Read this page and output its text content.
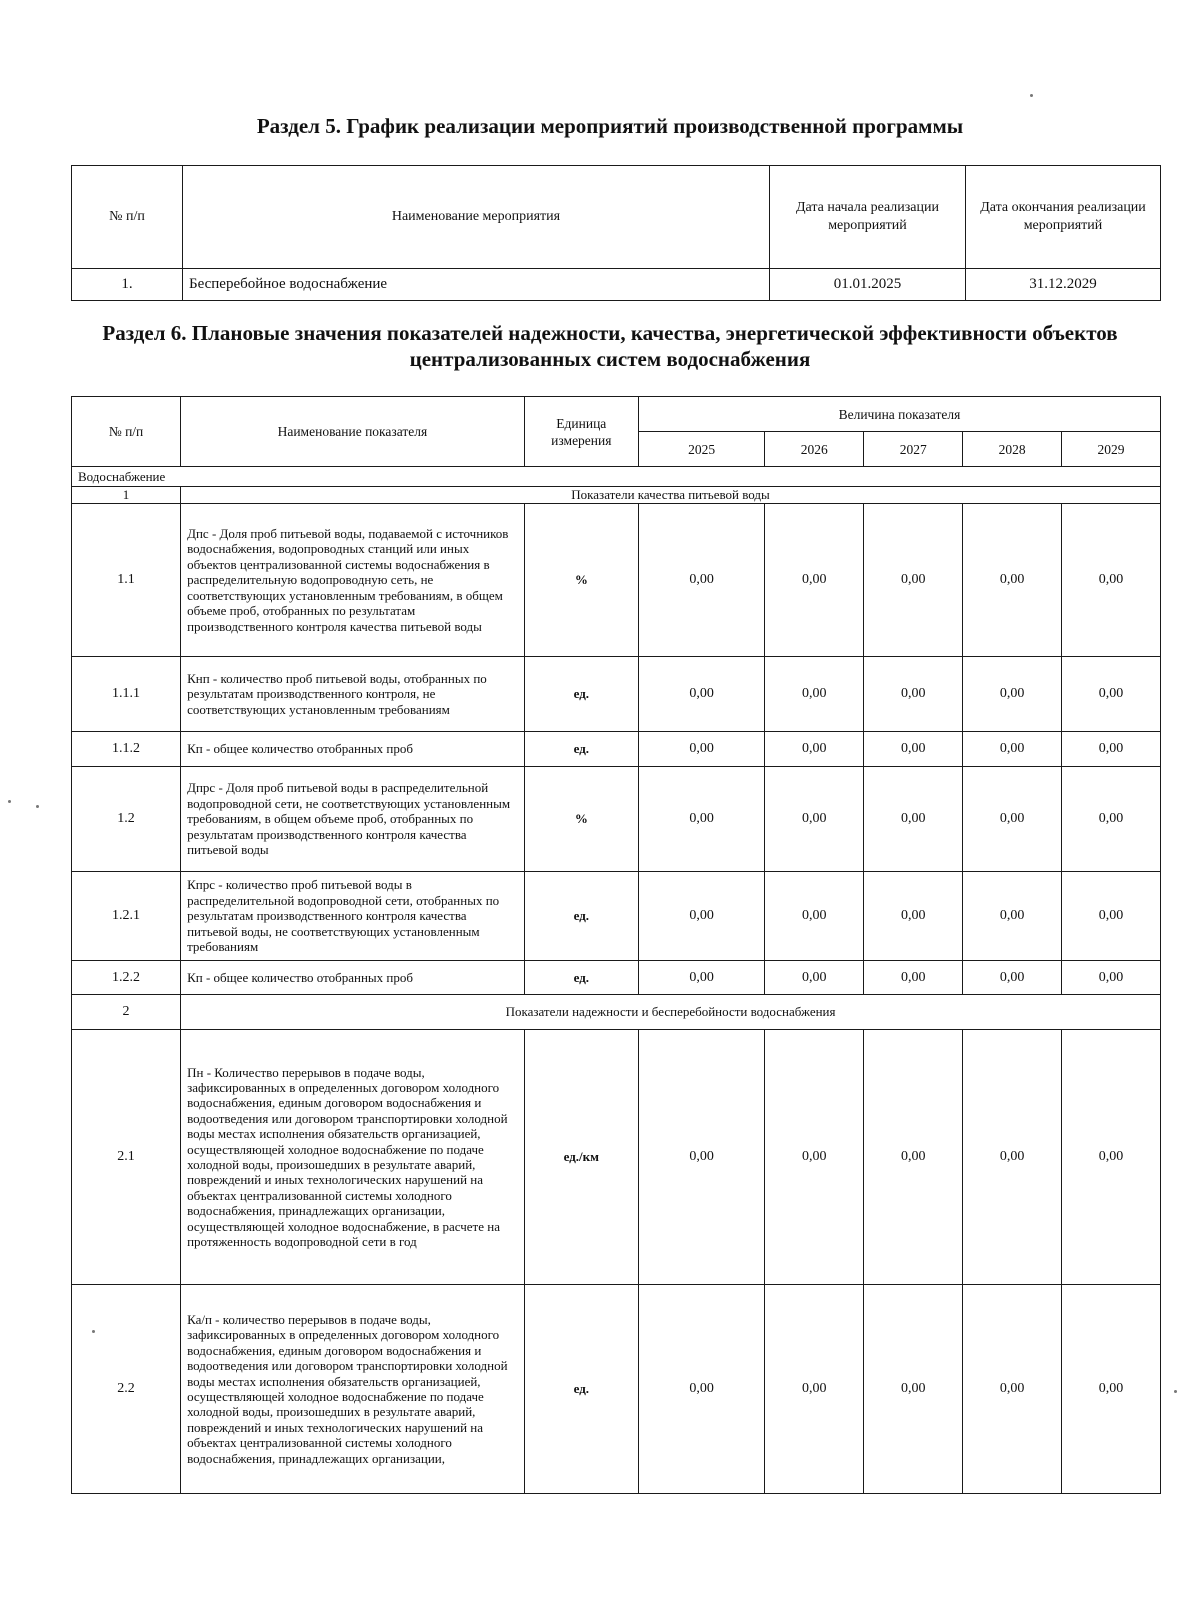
Раздел 5. График реализации мероприятий производственной программы
№ п/п	Наименование мероприятия	Дата начала реализации мероприятий	Дата окончания реализации мероприятий
1.	Бесперебойное водоснабжение	01.01.2025	31.12.2029
Раздел 6. Плановые значения показателей надежности, качества, энергетической эффективности объектов централизованных систем водоснабжения
№ п/п	Наименование показателя	Единица измерения	Величина показателя				
			2025	2026	2027	2028	2029
Водоснабжение							
1	Показатели качества питьевой воды						
1.1	Дпс - Доля проб питьевой воды, подаваемой с источников водоснабжения, водопроводных станций или иных объектов централизованной системы водоснабжения в распределительную водопроводную сеть, не соответствующих установленным требованиям, в общем объеме проб, отобранных по результатам производственного контроля качества питьевой воды	%	0,00	0,00	0,00	0,00	0,00
1.1.1	Кнп - количество проб питьевой воды, отобранных по результатам производственного контроля, не соответствующих установленным требованиям	ед.	0,00	0,00	0,00	0,00	0,00
1.1.2	Кп - общее количество отобранных проб	ед.	0,00	0,00	0,00	0,00	0,00
1.2	Дпрс - Доля проб питьевой воды в распределительной водопроводной сети, не соответствующих установленным требованиям, в общем объеме проб, отобранных по результатам производственного контроля качества питьевой воды	%	0,00	0,00	0,00	0,00	0,00
1.2.1	Кпрс - количество проб питьевой воды в распределительной водопроводной сети, отобранных по результатам производственного контроля качества питьевой воды, не соответствующих установленным требованиям	ед.	0,00	0,00	0,00	0,00	0,00
1.2.2	Кп - общее количество отобранных проб	ед.	0,00	0,00	0,00	0,00	0,00
2	Показатели надежности и бесперебойности водоснабжения						
2.1	Пн - Количество перерывов в подаче воды, зафиксированных в определенных договором холодного водоснабжения, единым договором водоснабжения и водоотведения или договором транспортировки холодной воды местах исполнения обязательств организацией, осуществляющей холодное водоснабжение по подаче холодной воды, произошедших в результате аварий, повреждений и иных технологических нарушений на объектах централизованной системы холодного водоснабжения, принадлежащих организации, осуществляющей холодное водоснабжение, в расчете на протяженность водопроводной сети в год	ед./км	0,00	0,00	0,00	0,00	0,00
2.2	Ка/п - количество перерывов в подаче воды, зафиксированных в определенных договором холодного водоснабжения, единым договором водоснабжения и водоотведения или договором транспортировки холодной воды местах исполнения обязательств организацией, осуществляющей холодное водоснабжение по подаче холодной воды, произошедших в результате аварий, повреждений и иных технологических нарушений на объектах централизованной системы холодного водоснабжения, принадлежащих организации,	ед.	0,00	0,00	0,00	0,00	0,00
